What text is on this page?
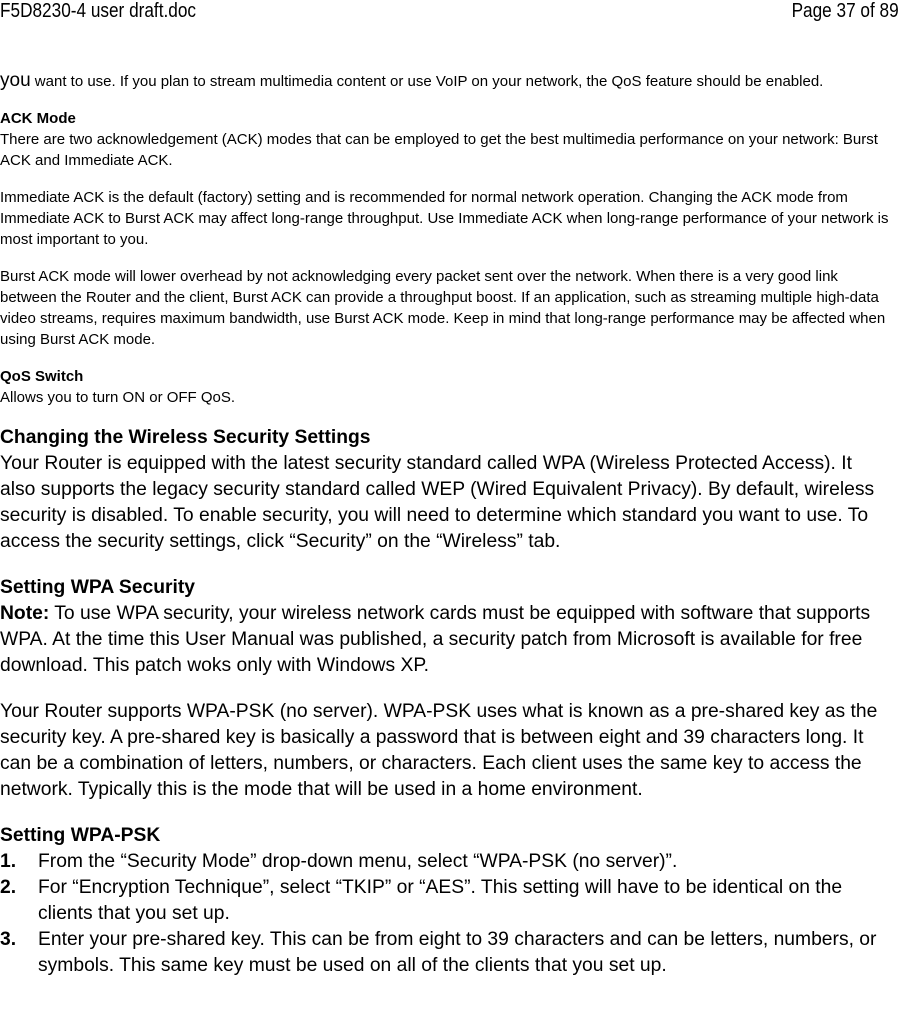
F5D8230-4 user draft.doc	Page 37 of 89

you want to use. If you plan to stream multimedia content or use VoIP on your network, the QoS feature should be enabled.

ACK Mode

There are two acknowledgement (ACK) modes that can be employed to get the best multimedia performance on your network: Burst ACK and Immediate ACK.

Immediate ACK is the default (factory) setting and is recommended for normal network operation. Changing the ACK mode from Immediate ACK to Burst ACK may affect long-range throughput. Use Immediate ACK when long-range performance of your network is most important to you.

Burst ACK mode will lower overhead by not acknowledging every packet sent over the network. When there is a very good link between the Router and the client, Burst ACK can provide a throughput boost. If an application, such as streaming multiple high-data video streams, requires maximum bandwidth, use Burst ACK mode. Keep in mind that long-range performance may be affected when using Burst ACK mode.

QoS Switch

Allows you to turn ON or OFF QoS.

Changing the Wireless Security Settings

Your Router is equipped with the latest security standard called WPA (Wireless Protected Access). It also supports the legacy security standard called WEP (Wired Equivalent Privacy). By default, wireless security is disabled. To enable security, you will need to determine which standard you want to use. To access the security settings, click “Security” on the “Wireless” tab.

Setting WPA Security

Note: To use WPA security, your wireless network cards must be equipped with software that supports WPA. At the time this User Manual was published, a security patch from Microsoft is available for free download. This patch woks only with Windows XP.

Your Router supports WPA-PSK (no server). WPA-PSK uses what is known as a pre-shared key as the security key. A pre-shared key is basically a password that is between eight and 39 characters long. It can be a combination of letters, numbers, or characters. Each client uses the same key to access the network. Typically this is the mode that will be used in a home environment.

Setting WPA-PSK

1. From the “Security Mode” drop-down menu, select “WPA-PSK (no server)”.
2. For “Encryption Technique”, select “TKIP” or “AES”. This setting will have to be identical on the clients that you set up.
3. Enter your pre-shared key. This can be from eight to 39 characters and can be letters, numbers, or symbols. This same key must be used on all of the clients that you set up.
